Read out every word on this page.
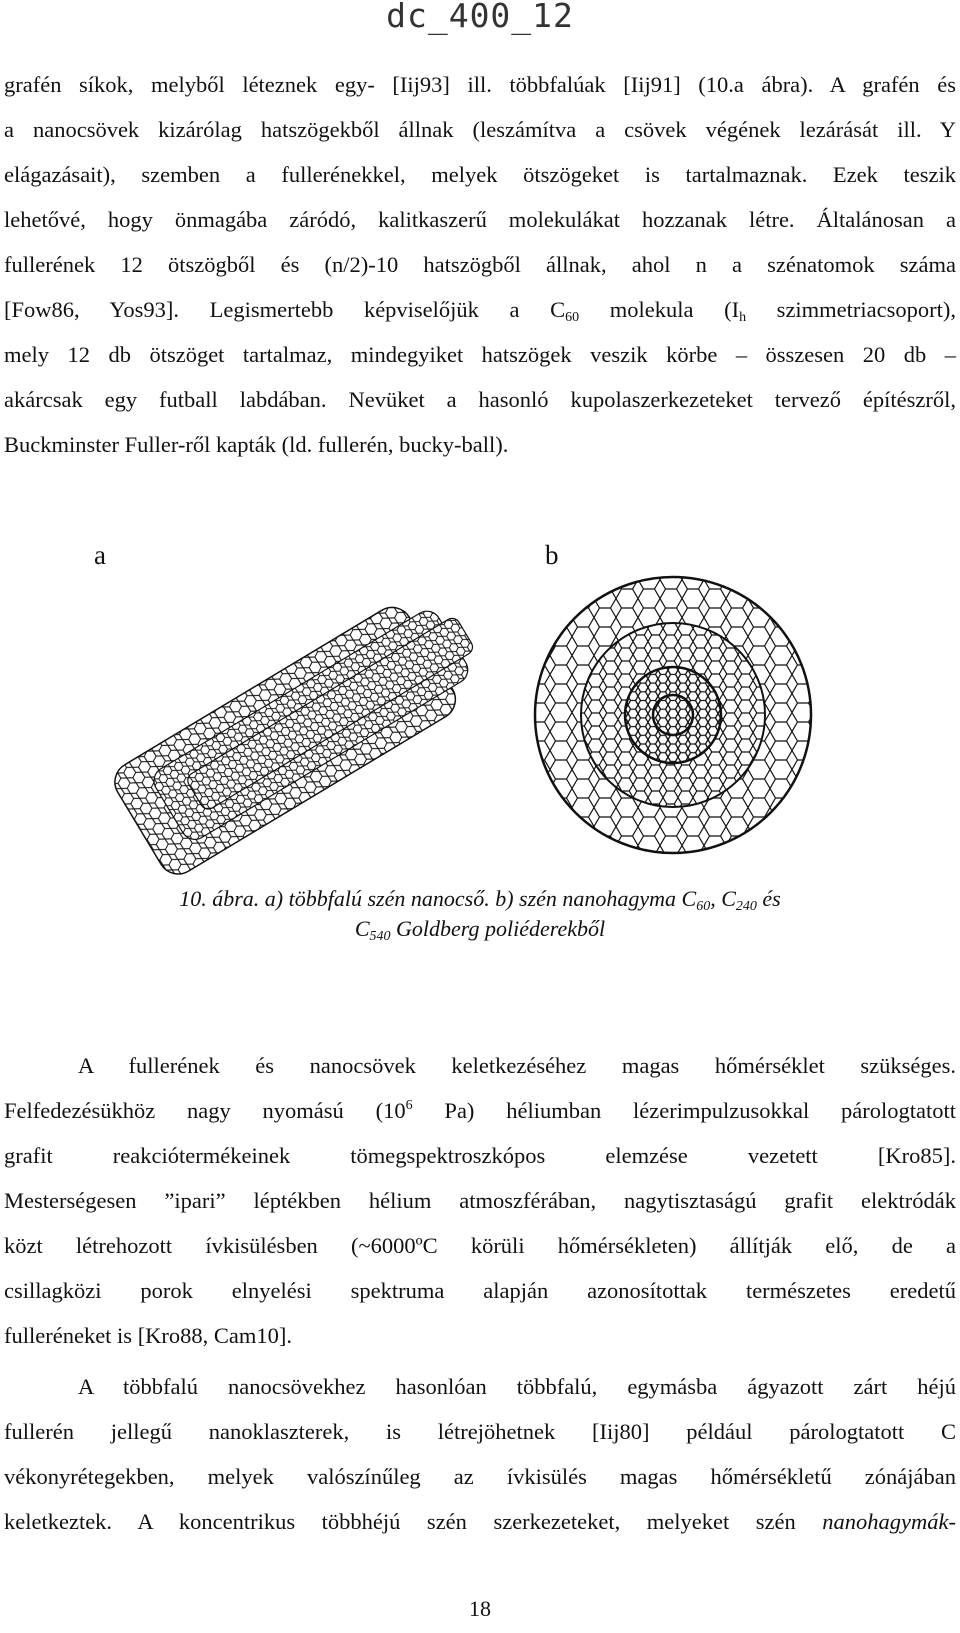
dc_400_12
grafén síkok, melyből léteznek egy- [Iij93] ill. többfalúak [Iij91] (10.a ábra). A grafén és
a nanocsövek kizárólag hatszögekből állnak (leszámítva a csövek végének lezárását ill. Y
elágazásait), szemben a fullerénekkel, melyek ötszögeket is tartalmaznak. Ezek teszik
lehetővé, hogy önmagába záródó, kalitkaszerű molekulákat hozzanak létre. Általánosan a
fullerének 12 ötszögből és (n/2)-10 hatszögből állnak, ahol n a szénatomok száma
[Fow86, Yos93]. Legismertebb képviselőjük a $C_{60}$ molekula ($I_h$ szimmetriacsoport),
mely 12 db ötszöget tartalmaz, mindegyiket hatszögek veszik körbe – összesen 20 db –
akárcsak egy futball labdában. Nevüket a hasonló kupolaszerkezeteket tervező építészről,
Buckminster Fuller-ről kapták (ld. fullerén, bucky-ball).
a	b
10. ábra. a) többfalú szén nanocső. b) szén nanohagyma $C_{60}$, $C_{240}$ és
$C_{540}$ Goldberg poliéderekből
A fullerének és nanocsövek keletkezéséhez magas hőmérséklet szükséges.
Felfedezésükhöz nagy nyomású ($10^6$ Pa) héliumban lézerimpulzusokkal párologtatott
grafit reakciótermékeinek tömegspektroszkópos elemzése vezetett [Kro85].
Mesterségesen ”ipari” léptékben hélium atmoszférában, nagytisztaságú grafit elektródák
közt létrehozott ívkisülésben (~6000ºC körüli hőmérsékleten) állítják elő, de a
csillagközi porok elnyelési spektruma alapján azonosítottak természetes eredetű
fulleréneket is [Kro88, Cam10].
A többfalú nanocsövekhez hasonlóan többfalú, egymásba ágyazott zárt héjú
fullerén jellegű nanoklaszterek, is létrejöhetnek [Iij80] például párologtatott C
vékonyrétegekben, melyek valószínűleg az ívkisülés magas hőmérsékletű zónájában
keletkeztek. A koncentrikus többhéjú szén szerkezeteket, melyeket szén nanohagymák-
18
